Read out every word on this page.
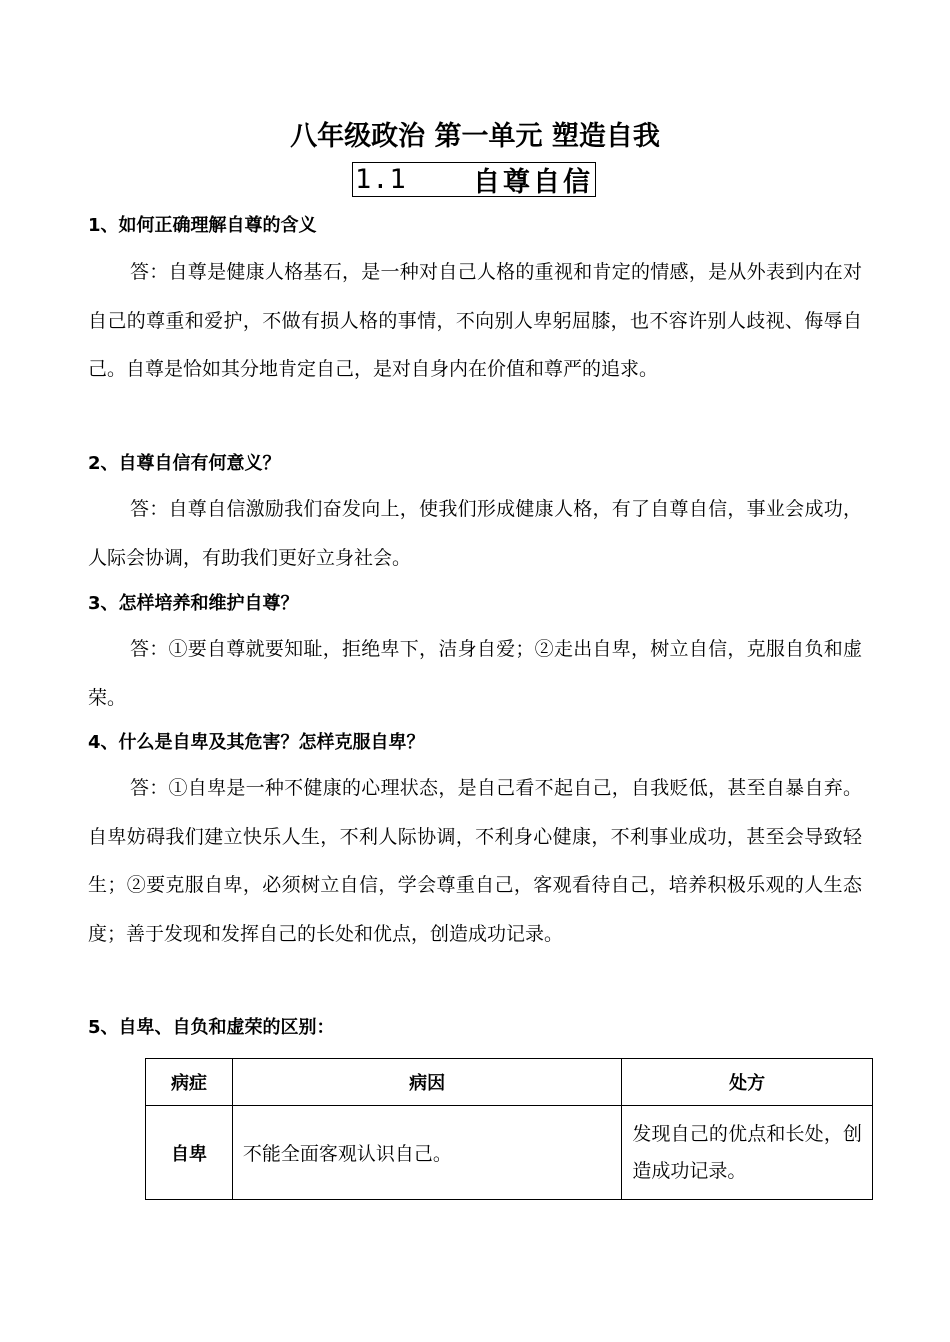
八年级政治 第一单元 塑造自我
1.1	自尊自信

1、如何正确理解自尊的含义

答：自尊是健康人格基石，是一种对自己人格的重视和肯定的情感，是从外表到内在对自己的尊重和爱护，不做有损人格的事情，不向别人卑躬屈膝，也不容许别人歧视、侮辱自己。自尊是恰如其分地肯定自己，是对自身内在价值和尊严的追求。

2、自尊自信有何意义？

答：自尊自信激励我们奋发向上，使我们形成健康人格，有了自尊自信，事业会成功，人际会协调，有助我们更好立身社会。

3、怎样培养和维护自尊？

答：①要自尊就要知耻，拒绝卑下，洁身自爱；②走出自卑，树立自信，克服自负和虚荣。

4、什么是自卑及其危害？怎样克服自卑？

答：①自卑是一种不健康的心理状态，是自己看不起自己，自我贬低，甚至自暴自弃。自卑妨碍我们建立快乐人生，不利人际协调，不利身心健康，不利事业成功，甚至会导致轻生；②要克服自卑，必须树立自信，学会尊重自己，客观看待自己，培养积极乐观的人生态度；善于发现和发挥自己的长处和优点，创造成功记录。

5、自卑、自负和虚荣的区别：

病症	病因	处方
自卑	不能全面客观认识自己。	发现自己的优点和长处，创造成功记录。
